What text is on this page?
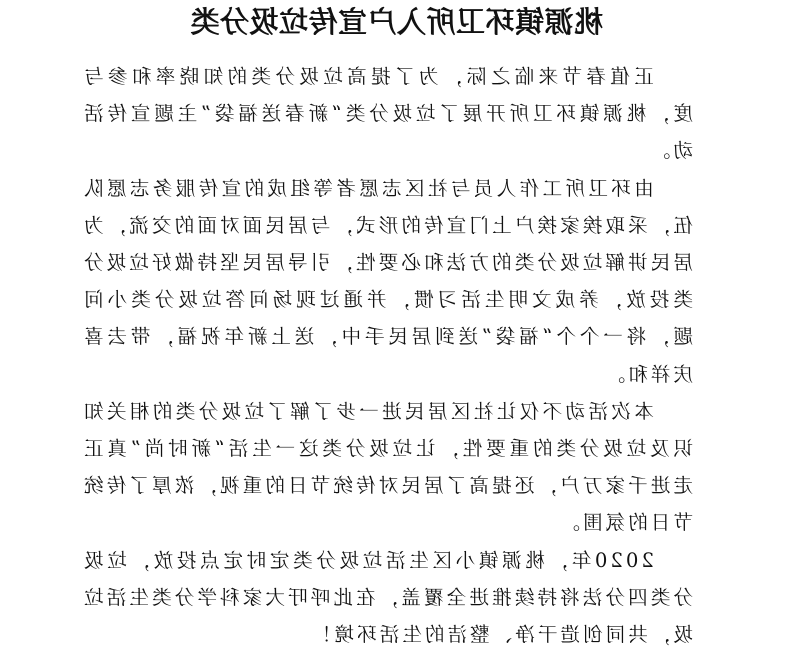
桃源镇环卫所入户宣传垃圾分类

正值春节来临之际，为了提高垃圾分类的知晓率和参与度，桃源镇环卫所开展了垃圾分类“新春送福袋”主题宣传活动。

由环卫所工作人员与社区志愿者等组成的宣传服务志愿队伍，采取挨家挨户上门宣传的形式，与居民面对面的交流，为居民讲解垃圾分类的方法和必要性，引导居民坚持做好垃圾分类投放，养成文明生活习惯，并通过现场问答垃圾分类小问题，将一个个“福袋”送到居民手中，送上新年祝福，带去喜庆祥和。

本次活动不仅让社区居民进一步了解了垃圾分类的相关知识及垃圾分类的重要性，让垃圾分类这一生活“新时尚”真正走进千家万户，还提高了居民对传统节日的重视，浓厚了传统节日的氛围。

2020年，桃源镇小区生活垃圾分类定时定点投放，垃圾分类四分法将持续推进全覆盖，在此呼吁大家科学分类生活垃圾，共同创造干净、整洁的生活环境！
